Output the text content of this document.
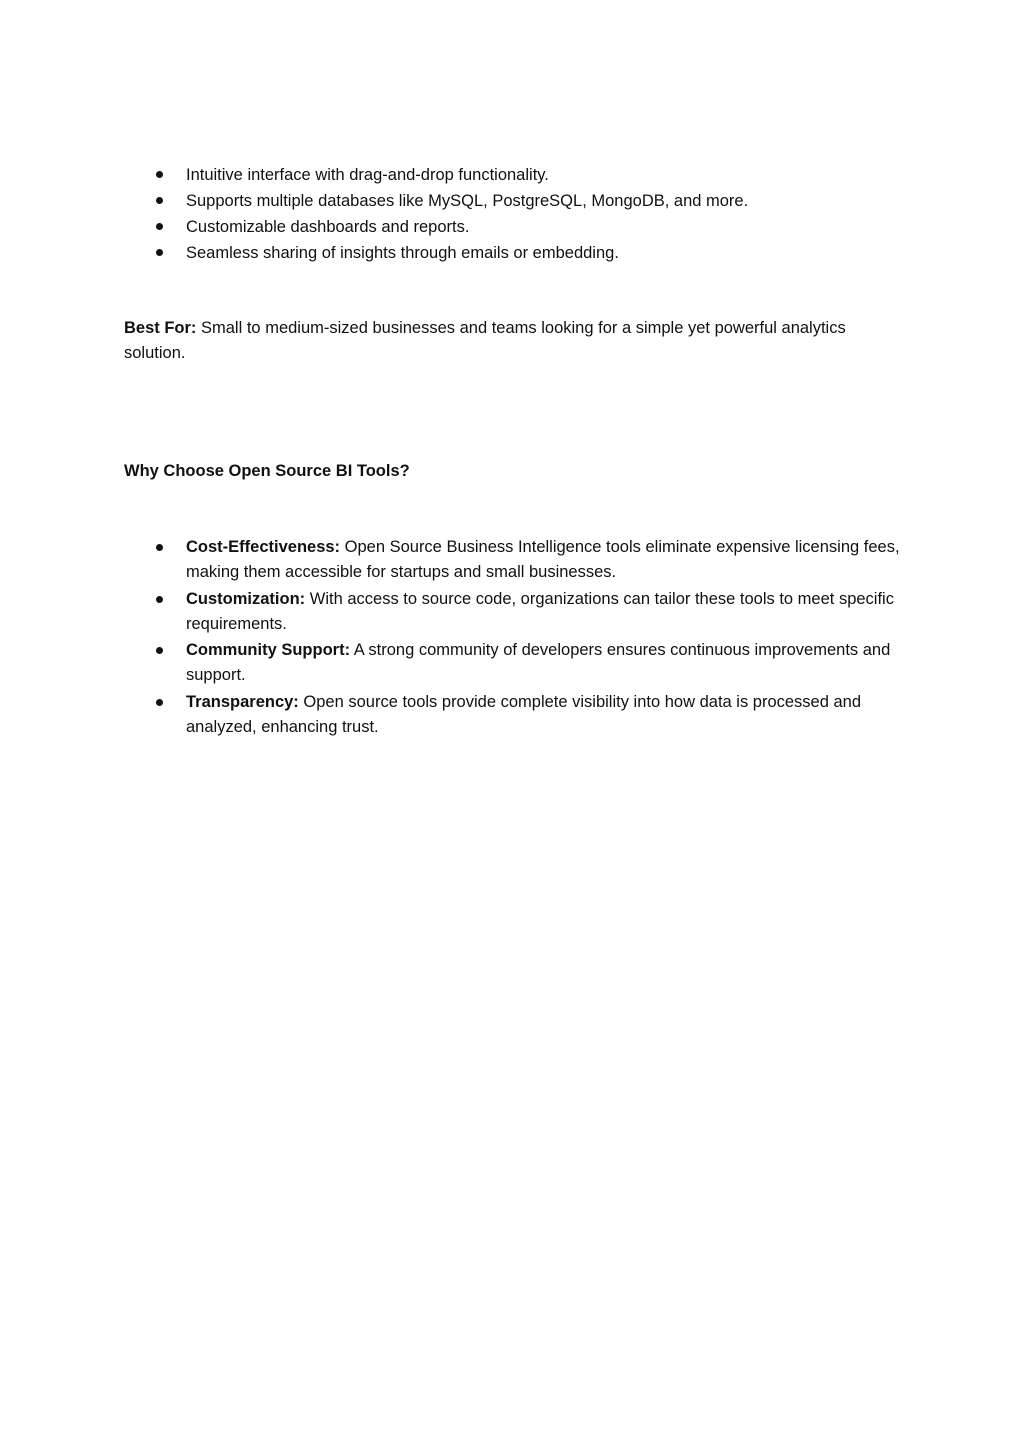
Intuitive interface with drag-and-drop functionality.
Supports multiple databases like MySQL, PostgreSQL, MongoDB, and more.
Customizable dashboards and reports.
Seamless sharing of insights through emails or embedding.

Best For: Small to medium-sized businesses and teams looking for a simple yet powerful analytics solution.

Why Choose Open Source BI Tools?

Cost-Effectiveness: Open Source Business Intelligence tools eliminate expensive licensing fees, making them accessible for startups and small businesses.
Customization: With access to source code, organizations can tailor these tools to meet specific requirements.
Community Support: A strong community of developers ensures continuous improvements and support.
Transparency: Open source tools provide complete visibility into how data is processed and analyzed, enhancing trust.
